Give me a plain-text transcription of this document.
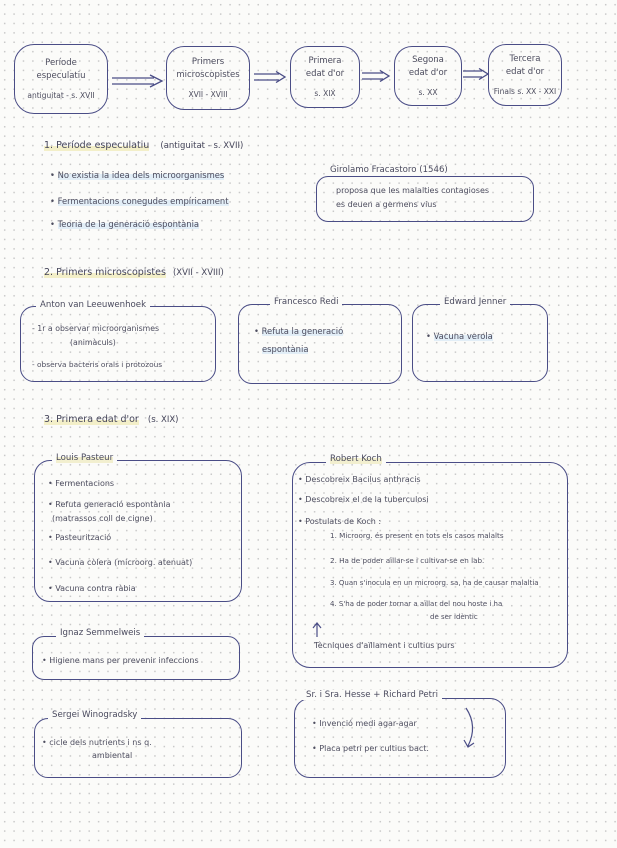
Període especulatiu
antiguitat - s. XVII
Primers microscopistes
XVII - XVIII
Primera edat d'or
s. XIX
Segona edat d'or
s. XX
Tercera edat d'or
Finals s. XX - XXI
1. Període especulatiu (antiguitat - s. XVII)
• No existia la idea dels microorganismes
• Fermentacions conegudes empíricament
• Teoria de la generació espontània
Girolamo Fracastoro (1546)
proposa que les malalties contagioses
es deuen a germens vius
2. Primers microscopistes (XVII - XVIII)
Anton van Leeuwenhoek
- 1r a observar microorganismes
(animàculs)
- observa bacteris orals i protozous
Francesco Redi
• Refuta la generació
espontània
Edward Jenner
• Vacuna verola
3. Primera edat d'or (s. XIX)
Louis Pasteur
• Fermentacions
• Refuta generació espontània
(matrassos coll de cigne)
• Pasteurització
• Vacuna còlera (microorg. atenuat)
• Vacuna contra ràbia
Robert Koch
• Descobreix Bacilus anthracis
• Descobreix el de la tuberculosi
• Postulats de Koch :
1. Microorg. és present en tots els casos malalts
2. Ha de poder aïllar-se i cultivar-se en lab.
3. Quan s'inocula en un microorg. sa, ha de causar malaltia
4. S'ha de poder tornar a aïllar del nou hoste i ha
de ser idèntic
Tècniques d'aïllament i cultius purs
Ignaz Semmelweis
• Higiene mans per prevenir infeccions
Sr. i Sra. Hesse + Richard Petri
• Invenció medi agar-agar
• Placa petri per cultius bact.
Sergei Winogradsky
• cicle dels nutrients i ns q.
ambiental
